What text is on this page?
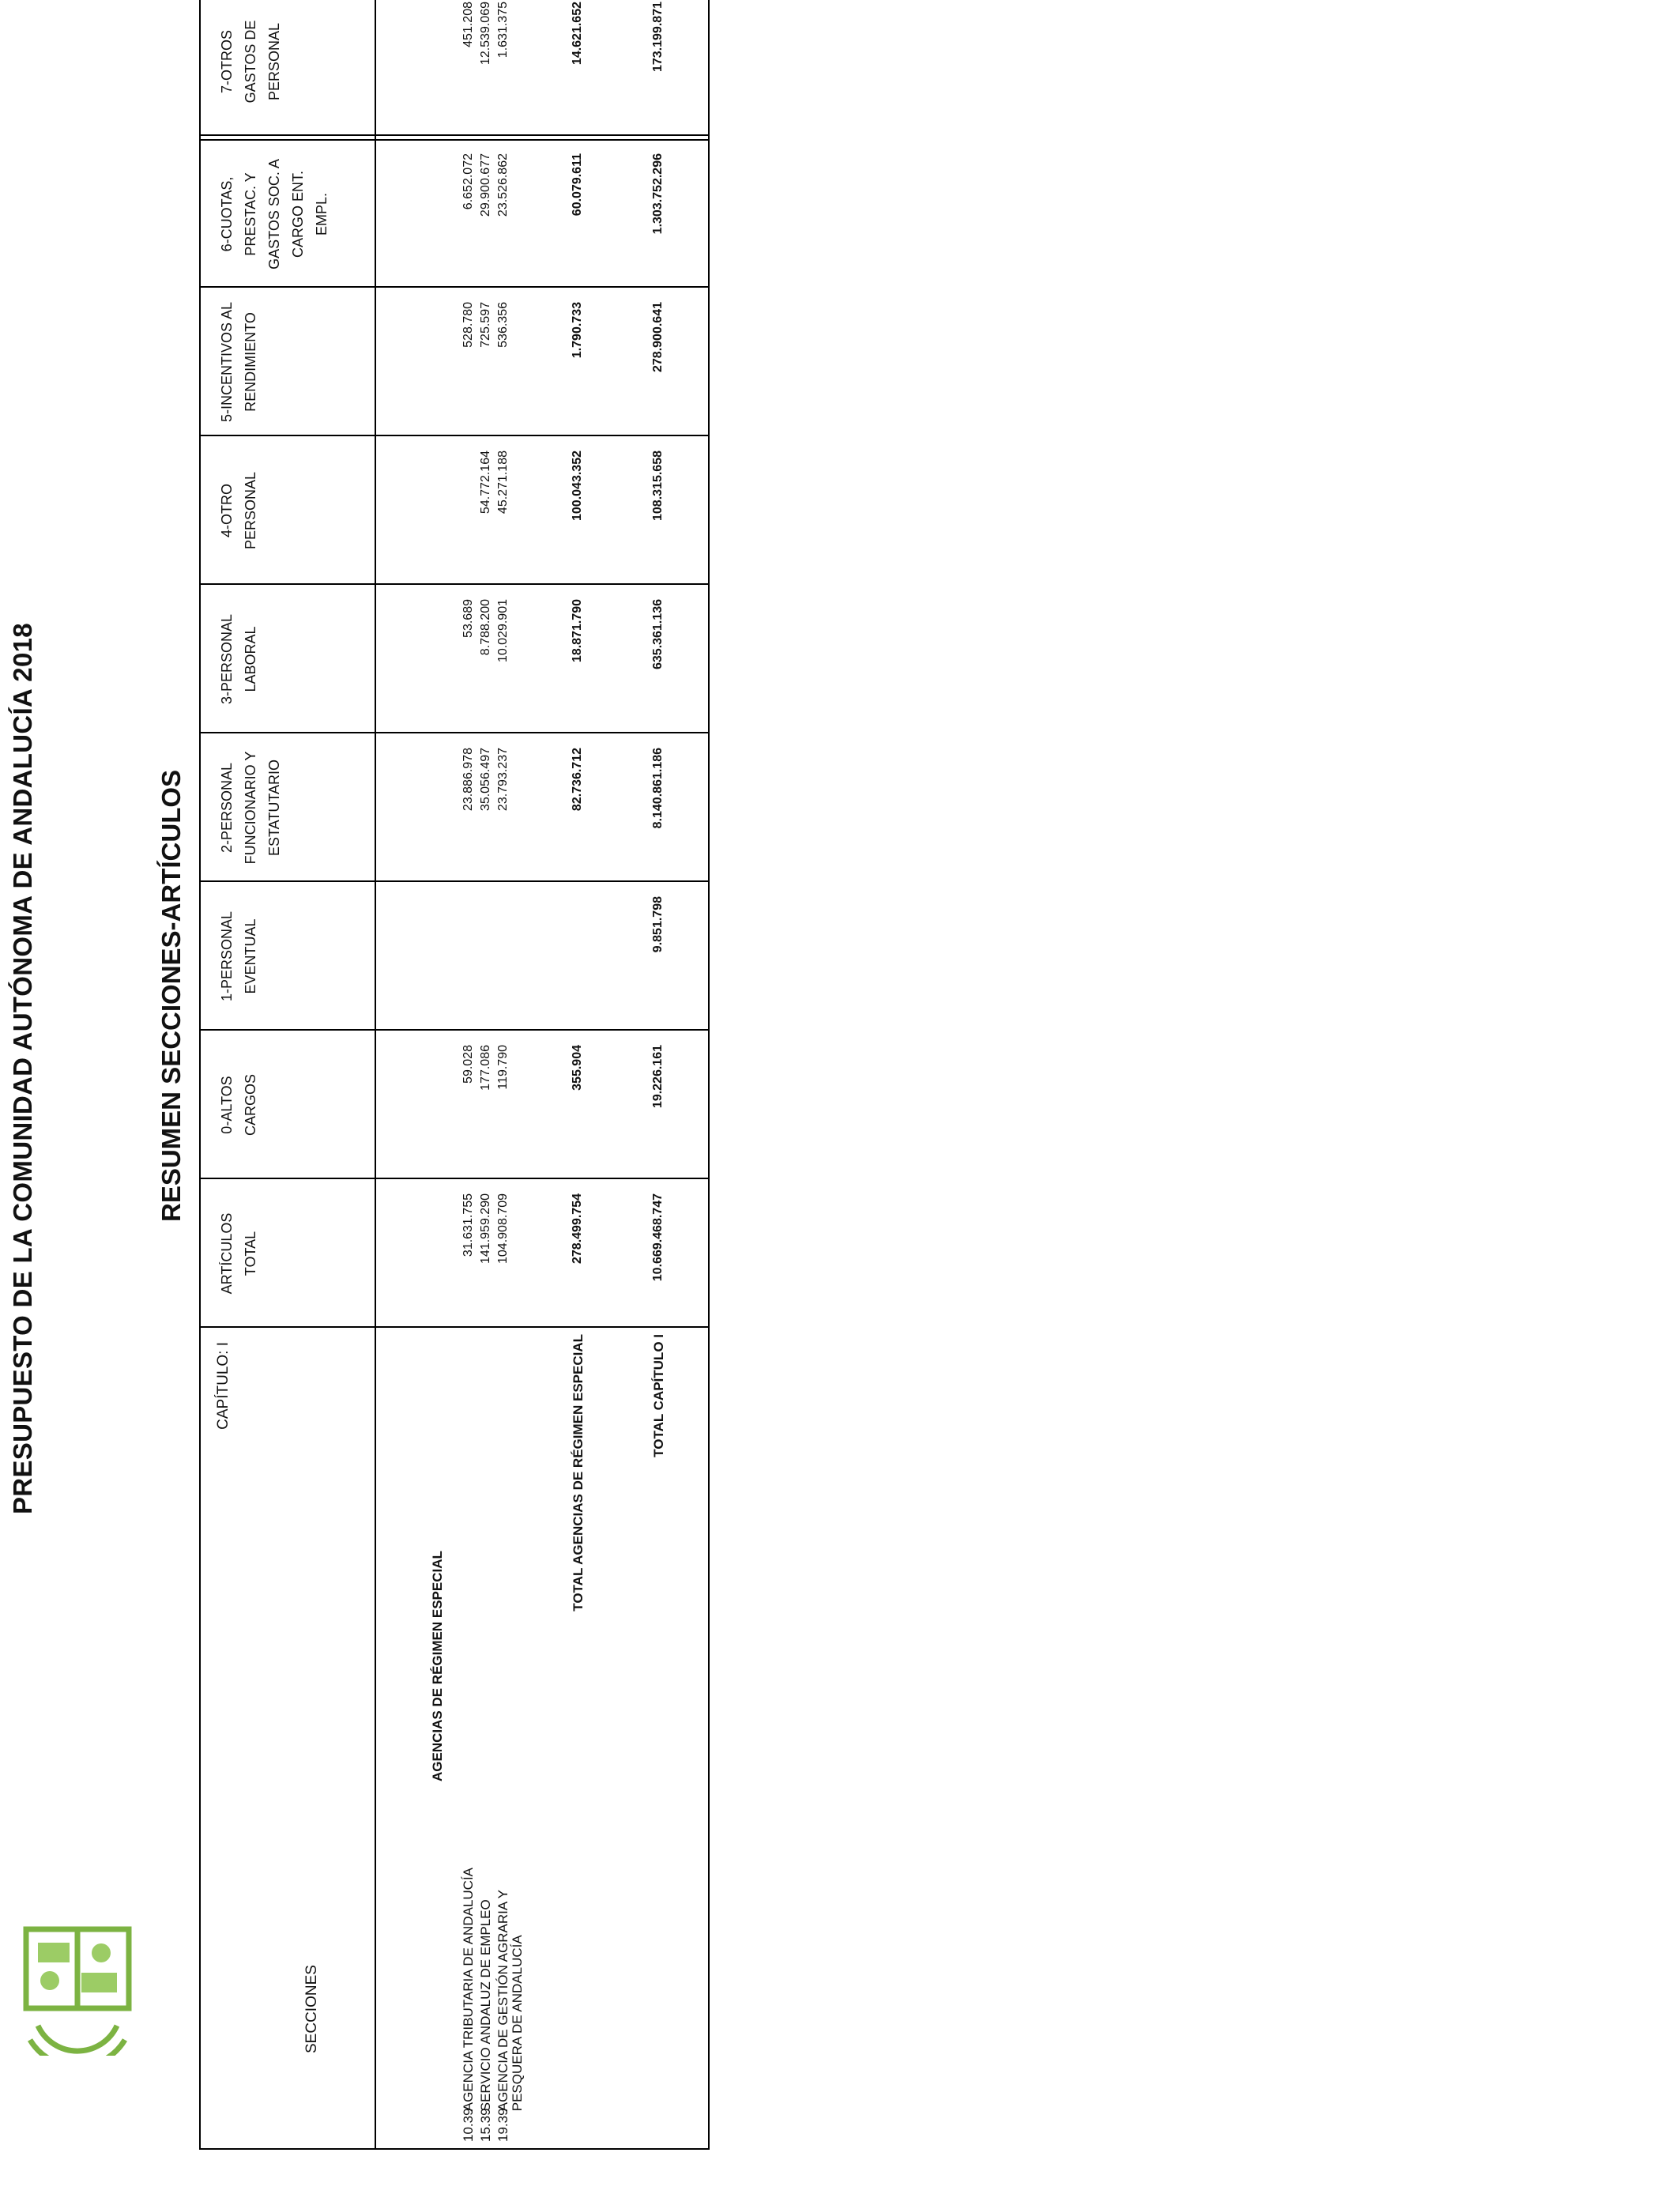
PRESUPUESTO DE LA COMUNIDAD AUTÓNOMA DE ANDALUCÍA 2018	RESUMEN SECCIONES-ARTÍCULOS
SECCIONES
CAPÍTULO: I
ARTÍCULOS TOTAL
0-ALTOS CARGOS
1-PERSONAL EVENTUAL
2-PERSONAL FUNCIONARIO Y ESTATUTARIO
3-PERSONAL LABORAL
4-OTRO PERSONAL
5-INCENTIVOS AL RENDIMIENTO
6-CUOTAS, PRESTAC. Y GASTOS SOC. A CARGO ENT. EMPL.
7-OTROS GASTOS DE PERSONAL
AGENCIAS DE RÉGIMEN ESPECIAL
10.39 AGENCIA TRIBUTARIA DE ANDALUCÍA
15.39 SERVICIO ANDALUZ DE EMPLEO
19.39 AGENCIA DE GESTIÓN AGRARIA Y PESQUERA DE ANDALUCÍA
TOTAL AGENCIAS DE RÉGIMEN ESPECIAL	TOTAL CAPÍTULO I
31.631.755
59.028
23.886.978
53.689
528.780
6.652.072
451.208
141.959.290
177.086
35.056.497
8.788.200
54.772.164
725.597
29.900.677
12.539.069
104.908.709
119.790
23.793.237
10.029.901
45.271.188
536.356
23.526.862
1.631.375
278.499.754
355.904
82.736.712
18.871.790
100.043.352
1.790.733
60.079.611
14.621.652
10.669.468.747
19.226.161
9.851.798
8.140.861.186
635.361.136
108.315.658
278.900.641
1.303.752.296
173.199.871
